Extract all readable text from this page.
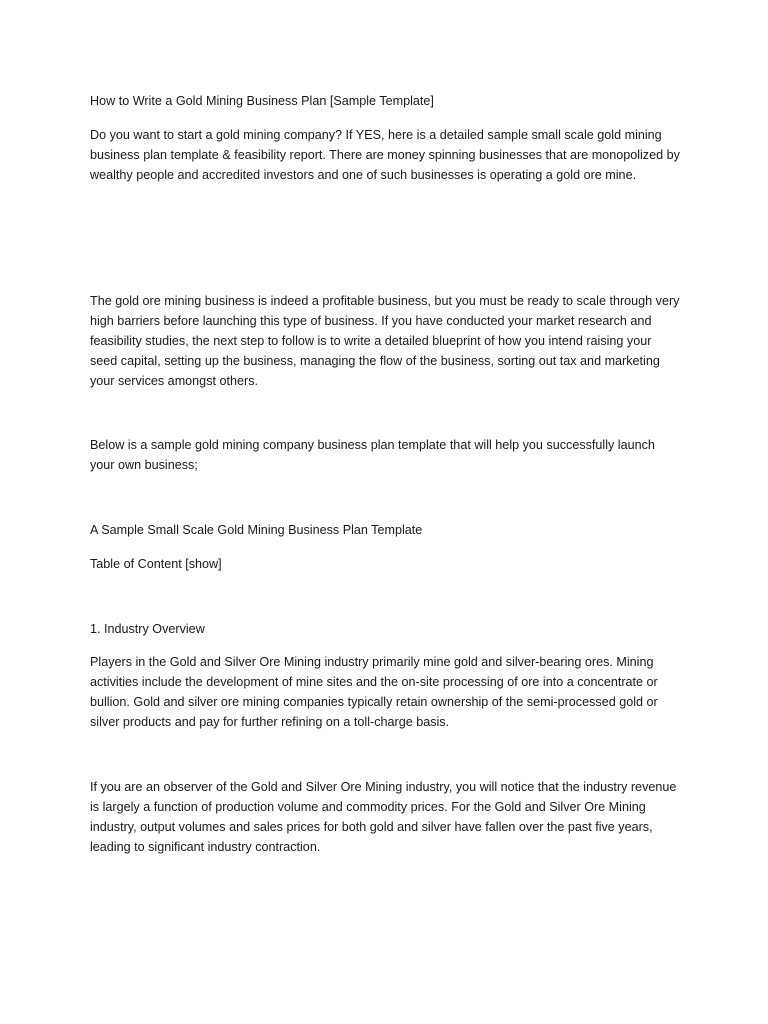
How to Write a Gold Mining Business Plan [Sample Template]

Do you want to start a gold mining company? If YES, here is a detailed sample small scale gold mining business plan template & feasibility report. There are money spinning businesses that are monopolized by wealthy people and accredited investors and one of such businesses is operating a gold ore mine.

The gold ore mining business is indeed a profitable business, but you must be ready to scale through very high barriers before launching this type of business. If you have conducted your market research and feasibility studies, the next step to follow is to write a detailed blueprint of how you intend raising your seed capital, setting up the business, managing the flow of the business, sorting out tax and marketing your services amongst others.

Below is a sample gold mining company business plan template that will help you successfully launch your own business;

A Sample Small Scale Gold Mining Business Plan Template

Table of Content [show]

1. Industry Overview

Players in the Gold and Silver Ore Mining industry primarily mine gold and silver-bearing ores. Mining activities include the development of mine sites and the on-site processing of ore into a concentrate or bullion. Gold and silver ore mining companies typically retain ownership of the semi-processed gold or silver products and pay for further refining on a toll-charge basis.

If you are an observer of the Gold and Silver Ore Mining industry, you will notice that the industry revenue is largely a function of production volume and commodity prices. For the Gold and Silver Ore Mining industry, output volumes and sales prices for both gold and silver have fallen over the past five years, leading to significant industry contraction.
